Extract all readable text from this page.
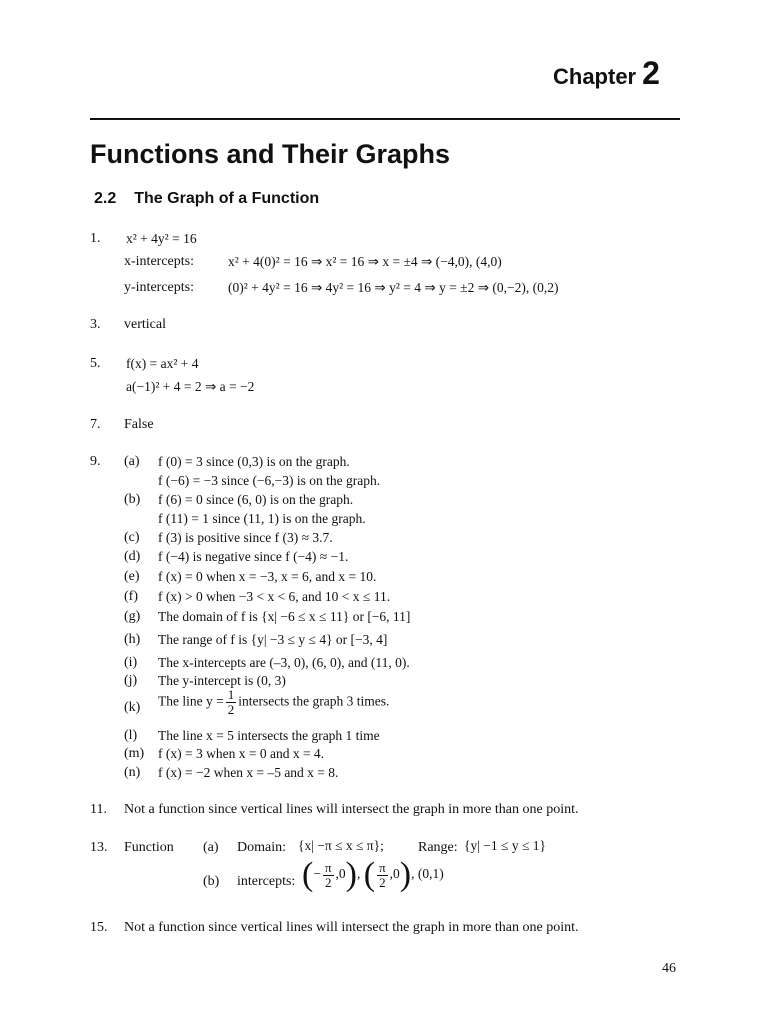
Chapter 2
Functions and Their Graphs
2.2 The Graph of a Function
1. x² + 4y² = 16
x-intercepts:	x² + 4(0)² = 16 ⇒ x² = 16 ⇒ x = ±4 ⇒ (−4,0), (4,0)
y-intercepts:	(0)² + 4y² = 16 ⇒ 4y² = 16 ⇒ y² = 4 ⇒ y = ±2 ⇒ (0,−2), (0,2)
3. vertical
5. f(x) = ax² + 4
a(−1)² + 4 = 2 ⇒ a = −2
7. False
9. (a) f (0) = 3 since (0,3) is on the graph.
f (−6) = −3 since (−6,−3) is on the graph.
(b) f (6) = 0 since (6, 0) is on the graph.
f (11) = 1 since (11, 1) is on the graph.
(c) f (3) is positive since f (3) ≈ 3.7.
(d) f (−4) is negative since f (−4) ≈ −1.
(e) f (x) = 0 when x = −3, x = 6, and x = 10.
(f) f (x) > 0 when −3 < x < 6, and 10 < x ≤ 11.
(g) The domain of f is {x| −6 ≤ x ≤ 11} or [−6, 11]
(h) The range of f is {y| −3 ≤ y ≤ 4} or [−3, 4]
(i) The x-intercepts are (–3, 0), (6, 0), and (11, 0).
(j) The y-intercept is (0, 3)
(k) The line $y = \frac{1}{2}$ intersects the graph 3 times.
(l) The line x = 5 intersects the graph 1 time
(m) f (x) = 3 when x = 0 and x = 4.
(n) f (x) = −2 when x = –5 and x = 8.
11. Not a function since vertical lines will intersect the graph in more than one point.
13. Function (a) Domain: {x| −π ≤ x ≤ π}; Range: {y| −1 ≤ y ≤ 1}
(b) intercepts: (− $\frac{\pi}{2} ,0$), ( $\frac{\pi}{2} ,0$), (0,1)
15. Not a function since vertical lines will intersect the graph in more than one point.
46
